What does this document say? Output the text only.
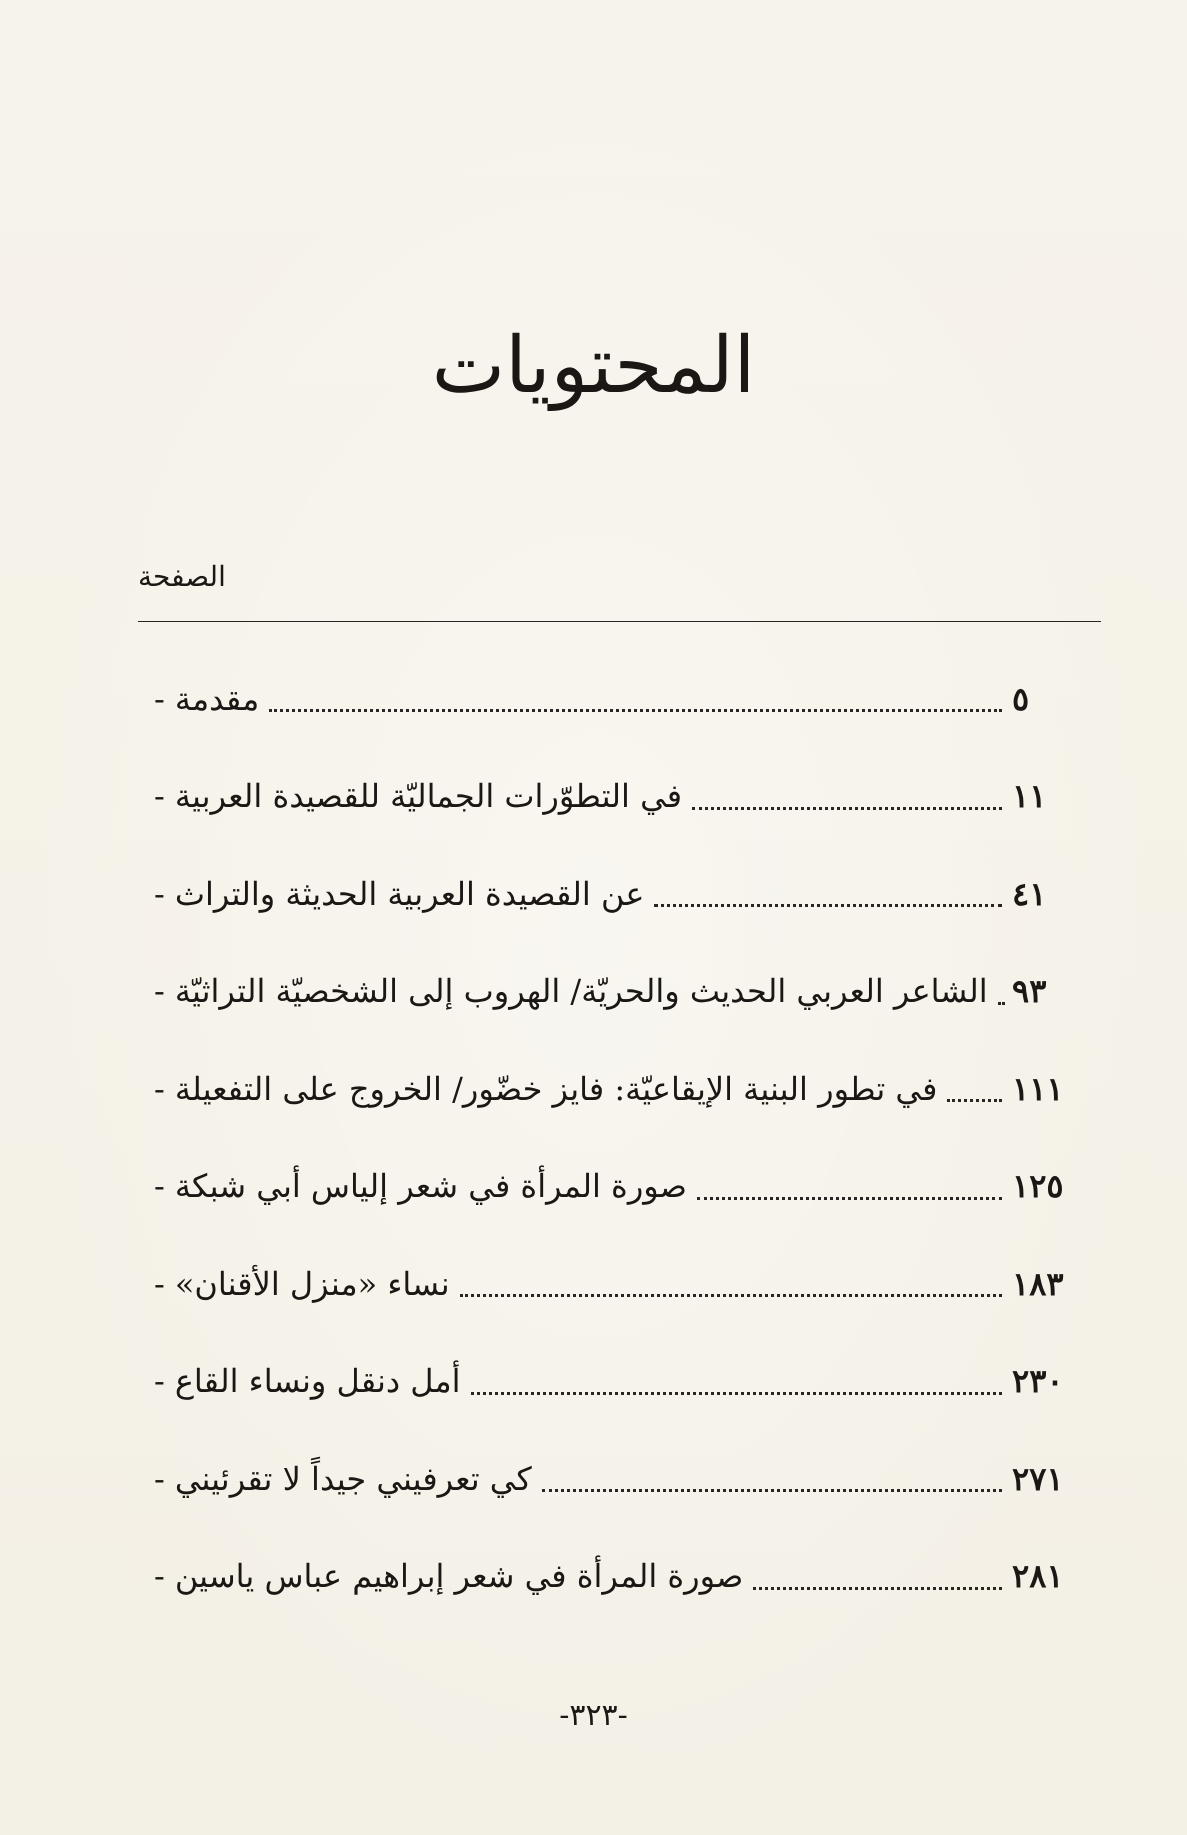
المحتويات
الصفحة
- مقدمة	٥
- في التطوّرات الجماليّة للقصيدة العربية	١١
- عن القصيدة العربية الحديثة والتراث	٤١
- الشاعر العربي الحديث والحريّة/ الهروب إلى الشخصيّة التراثيّة ٩٣
- في تطور البنية الإيقاعيّة: فايز خضّور/ الخروج على التفعيلة ١١١
- صورة المرأة في شعر إلياس أبي شبكة	١٢٥
- نساء «منزل الأقنان»	١٨٣
- أمل دنقل ونساء القاع	٢٣٠
- كي تعرفيني جيداً لا تقرئيني	٢٧١
- صورة المرأة في شعر إبراهيم عباس ياسين	٢٨١
-٣٢٣-
